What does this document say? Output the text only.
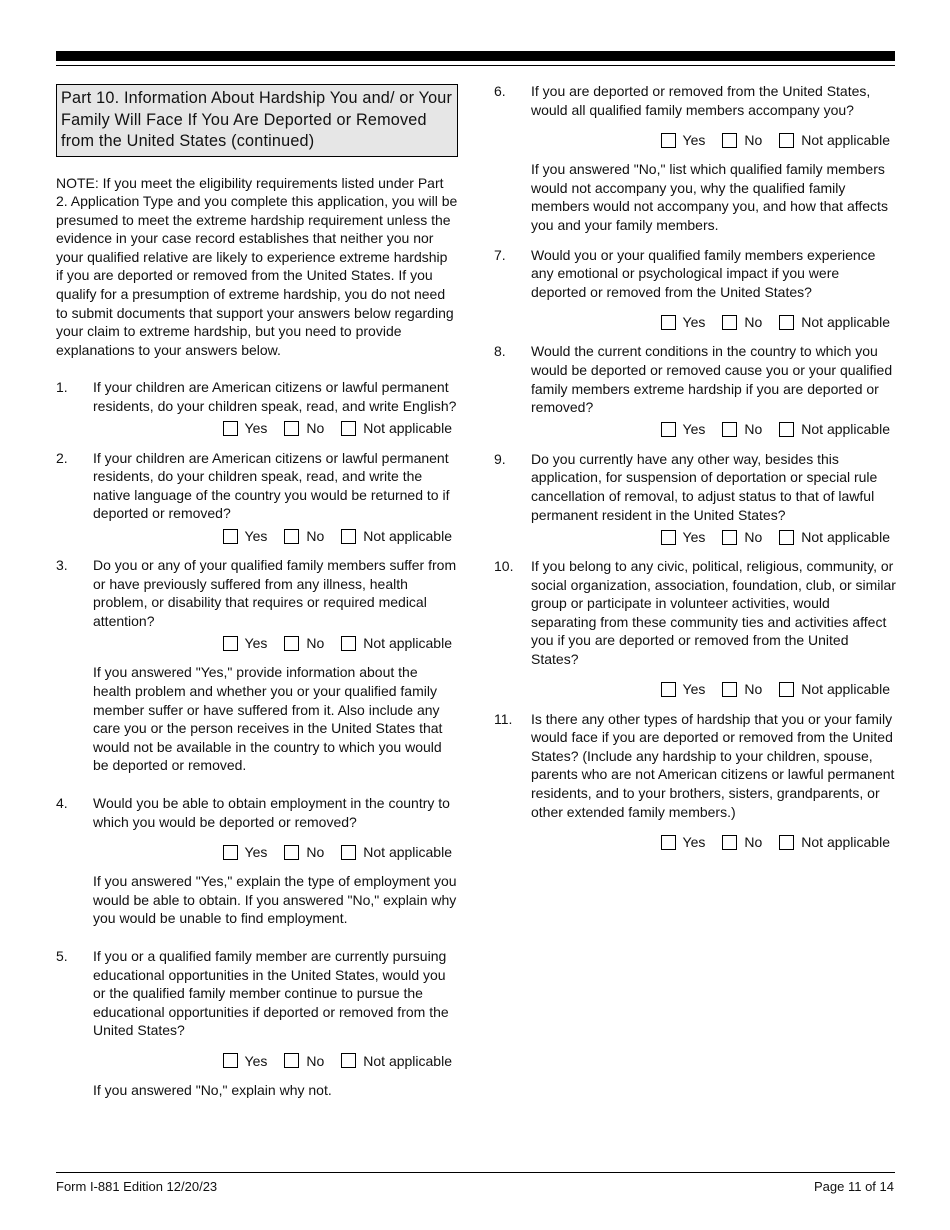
Part 10. Information About Hardship You and/ or Your Family Will Face If You Are Deported or Removed from the United States (continued)
NOTE: If you meet the eligibility requirements listed under Part 2. Application Type and you complete this application, you will be presumed to meet the extreme hardship requirement unless the evidence in your case record establishes that neither you nor your qualified relative are likely to experience extreme hardship if you are deported or removed from the United States. If you qualify for a presumption of extreme hardship, you do not need to submit documents that support your answers below regarding your claim to extreme hardship, but you need to provide explanations to your answers below.
1. If your children are American citizens or lawful permanent residents, do your children speak, read, and write English?
Yes	No	Not applicable
2. If your children are American citizens or lawful permanent residents, do your children speak, read, and write the native language of the country you would be returned to if deported or removed?
Yes	No	Not applicable
3. Do you or any of your qualified family members suffer from or have previously suffered from any illness, health problem, or disability that requires or required medical attention?
Yes	No	Not applicable
If you answered "Yes," provide information about the health problem and whether you or your qualified family member suffer or have suffered from it. Also include any care you or the person receives in the United States that would not be available in the country to which you would be deported or removed.
4. Would you be able to obtain employment in the country to which you would be deported or removed?
Yes	No	Not applicable
If you answered "Yes," explain the type of employment you would be able to obtain. If you answered "No," explain why you would be unable to find employment.
5. If you or a qualified family member are currently pursuing educational opportunities in the United States, would you or the qualified family member continue to pursue the educational opportunities if deported or removed from the United States?
Yes	No	Not applicable
If you answered "No," explain why not.
6. If you are deported or removed from the United States, would all qualified family members accompany you?
Yes	No	Not applicable
If you answered "No," list which qualified family members would not accompany you, why the qualified family members would not accompany you, and how that affects you and your family members.
7. Would you or your qualified family members experience any emotional or psychological impact if you were deported or removed from the United States?
Yes	No	Not applicable
8. Would the current conditions in the country to which you would be deported or removed cause you or your qualified family members extreme hardship if you are deported or removed?
Yes	No	Not applicable
9. Do you currently have any other way, besides this application, for suspension of deportation or special rule cancellation of removal, to adjust status to that of lawful permanent resident in the United States?
Yes	No	Not applicable
10. If you belong to any civic, political, religious, community, or social organization, association, foundation, club, or similar group or participate in volunteer activities, would separating from these community ties and activities affect you if you are deported or removed from the United States?
Yes	No	Not applicable
11. Is there any other types of hardship that you or your family would face if you are deported or removed from the United States? (Include any hardship to your children, spouse, parents who are not American citizens or lawful permanent residents, and to your brothers, sisters, grandparents, or other extended family members.)
Yes	No	Not applicable
Form I-881 Edition 12/20/23	Page 11 of 14
